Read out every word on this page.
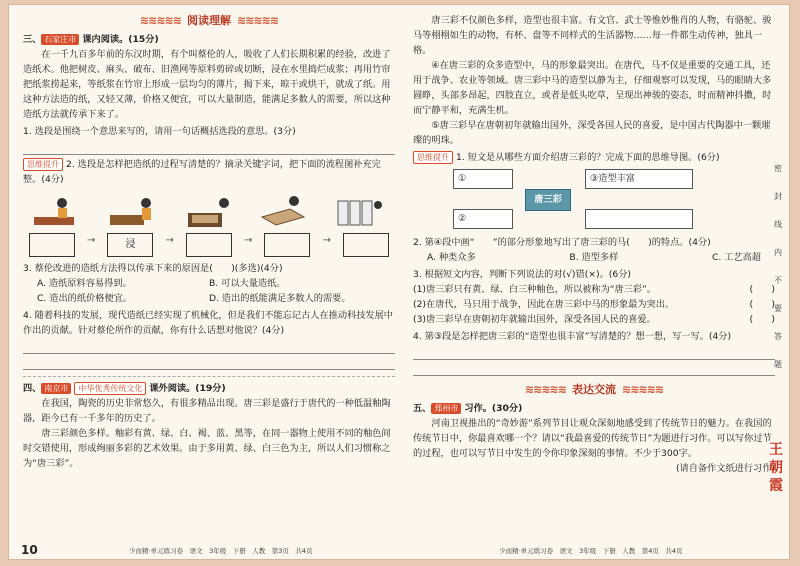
≋≋≋≋≋ 阅读理解 ≋≋≋≋≋
三、 石家庄市 课内阅读。(15分)

在一千九百多年前的东汉时期，有个叫蔡伦的人，吸收了人们长期积累的经验，改进了造纸术。他把树皮、麻头、破布、旧渔网等原料剪碎或切断，浸在水里捣烂成浆；再用竹帘把纸浆捞起来，等纸浆在竹帘上形成一层均匀的薄片，揭下来，晾干或烘干，就成了纸。用这种方法造的纸，又轻又薄，价格又便宜，可以大量制造，能满足多数人的需要，所以这种造纸方法就传承下来了。

1. 选段是围绕一个意思来写的，请用一句话概括选段的意思。(3分)
思维提升 2. 选段是怎样把造纸的过程写清楚的？摘录关键字词，把下面的流程图补充完整。(4分)
→	浸	→	→	→
3. 蔡伦改进的造纸方法得以传承下来的原因是(　　)(多选)(4分)
A. 造纸原料容易得到。	B. 可以大量造纸。
C. 造出的纸价格便宜。	D. 造出的纸能满足多数人的需要。
4. 随着科技的发展，现代造纸已经实现了机械化，但是我们不能忘记古人在推动科技发展中作出的贡献。针对蔡伦所作的贡献，你有什么话想对他说？(4分)
四、 南京市 中华优秀传统文化 课外阅读。(19分)

在我国，陶瓷的历史非常悠久，有很多精品出现。唐三彩是盛行于唐代的一种低温釉陶器，距今已有一千多年的历史了。

唐三彩颜色多样。釉彩有黄、绿、白、褐、蓝、黑等，在同一器物上使用不同的釉色间时交错使用，形成绚丽多彩的艺术效果。由于多用黄、绿、白三色为主，所以人们习惯称之为“唐三彩”。

10	少而精·单元练习卷　语文　3年级　下册　人教　第3页　共4页

唐三彩不仅颜色多样，造型也很丰富。有文官、武士等惟妙惟肖的人物，有骆驼、骏马等栩栩如生的动物，有杯、盘等不同样式的生活器物……每一件都生动传神，独具一格。

④在唐三彩的众多造型中，马的形象最突出。在唐代，马不仅是重要的交通工具，还用于战争、农业等领域。唐三彩中马的造型以静为主，仔细观察可以发现，马的眼睛大多圆睁，头部多昂起，四肢直立，或者是低头吃草，呈现出神骏的姿态，时而精神抖擞，时而宁静平和，充满生机。

⑤唐三彩早在唐朝初年就输出国外，深受各国人民的喜爱，是中国古代陶器中一颗璀璨的明珠。

思维提升 1. 短文是从哪些方面介绍唐三彩的？完成下面的思维导图。(6分)
①	③造型丰富
②
唐三彩
2. 第④段中画“　　”的部分形象地写出了唐三彩的马(　　)的特点。(4分)
A. 种类众多	B. 造型多样	C. 工艺高超
3. 根据短文内容，判断下列说法的对(√)错(×)。(6分)
(1)唐三彩只有黄、绿、白三种釉色，所以被称为“唐三彩”。	(　　)
(2)在唐代，马只用于战争，因此在唐三彩中马的形象最为突出。	(　　)
(3)唐三彩早在唐朝初年就输出国外，深受各国人民的喜爱。	(　　)
4. 第③段是怎样把唐三彩的“造型也很丰富”写清楚的？想一想，写一写。(4分)
≋≋≋≋≋ 表达交流 ≋≋≋≋≋
五、 郑州市 习作。(30分)

河南卫视推出的“奇妙游”系列节目让观众深刻地感受到了传统节日的魅力。在我国的传统节日中，你最喜欢哪一个？请以“我最喜爱的传统节日”为题进行习作。可以写你过节的过程，也可以写节日中发生的令你印象深刻的事情。不少于300字。

(请自备作文纸进行习作)
少而精·单元练习卷　语文　3年级　下册　人教　第4页　共4页
密　封　线　内　不　要　答　题
王朝霞
